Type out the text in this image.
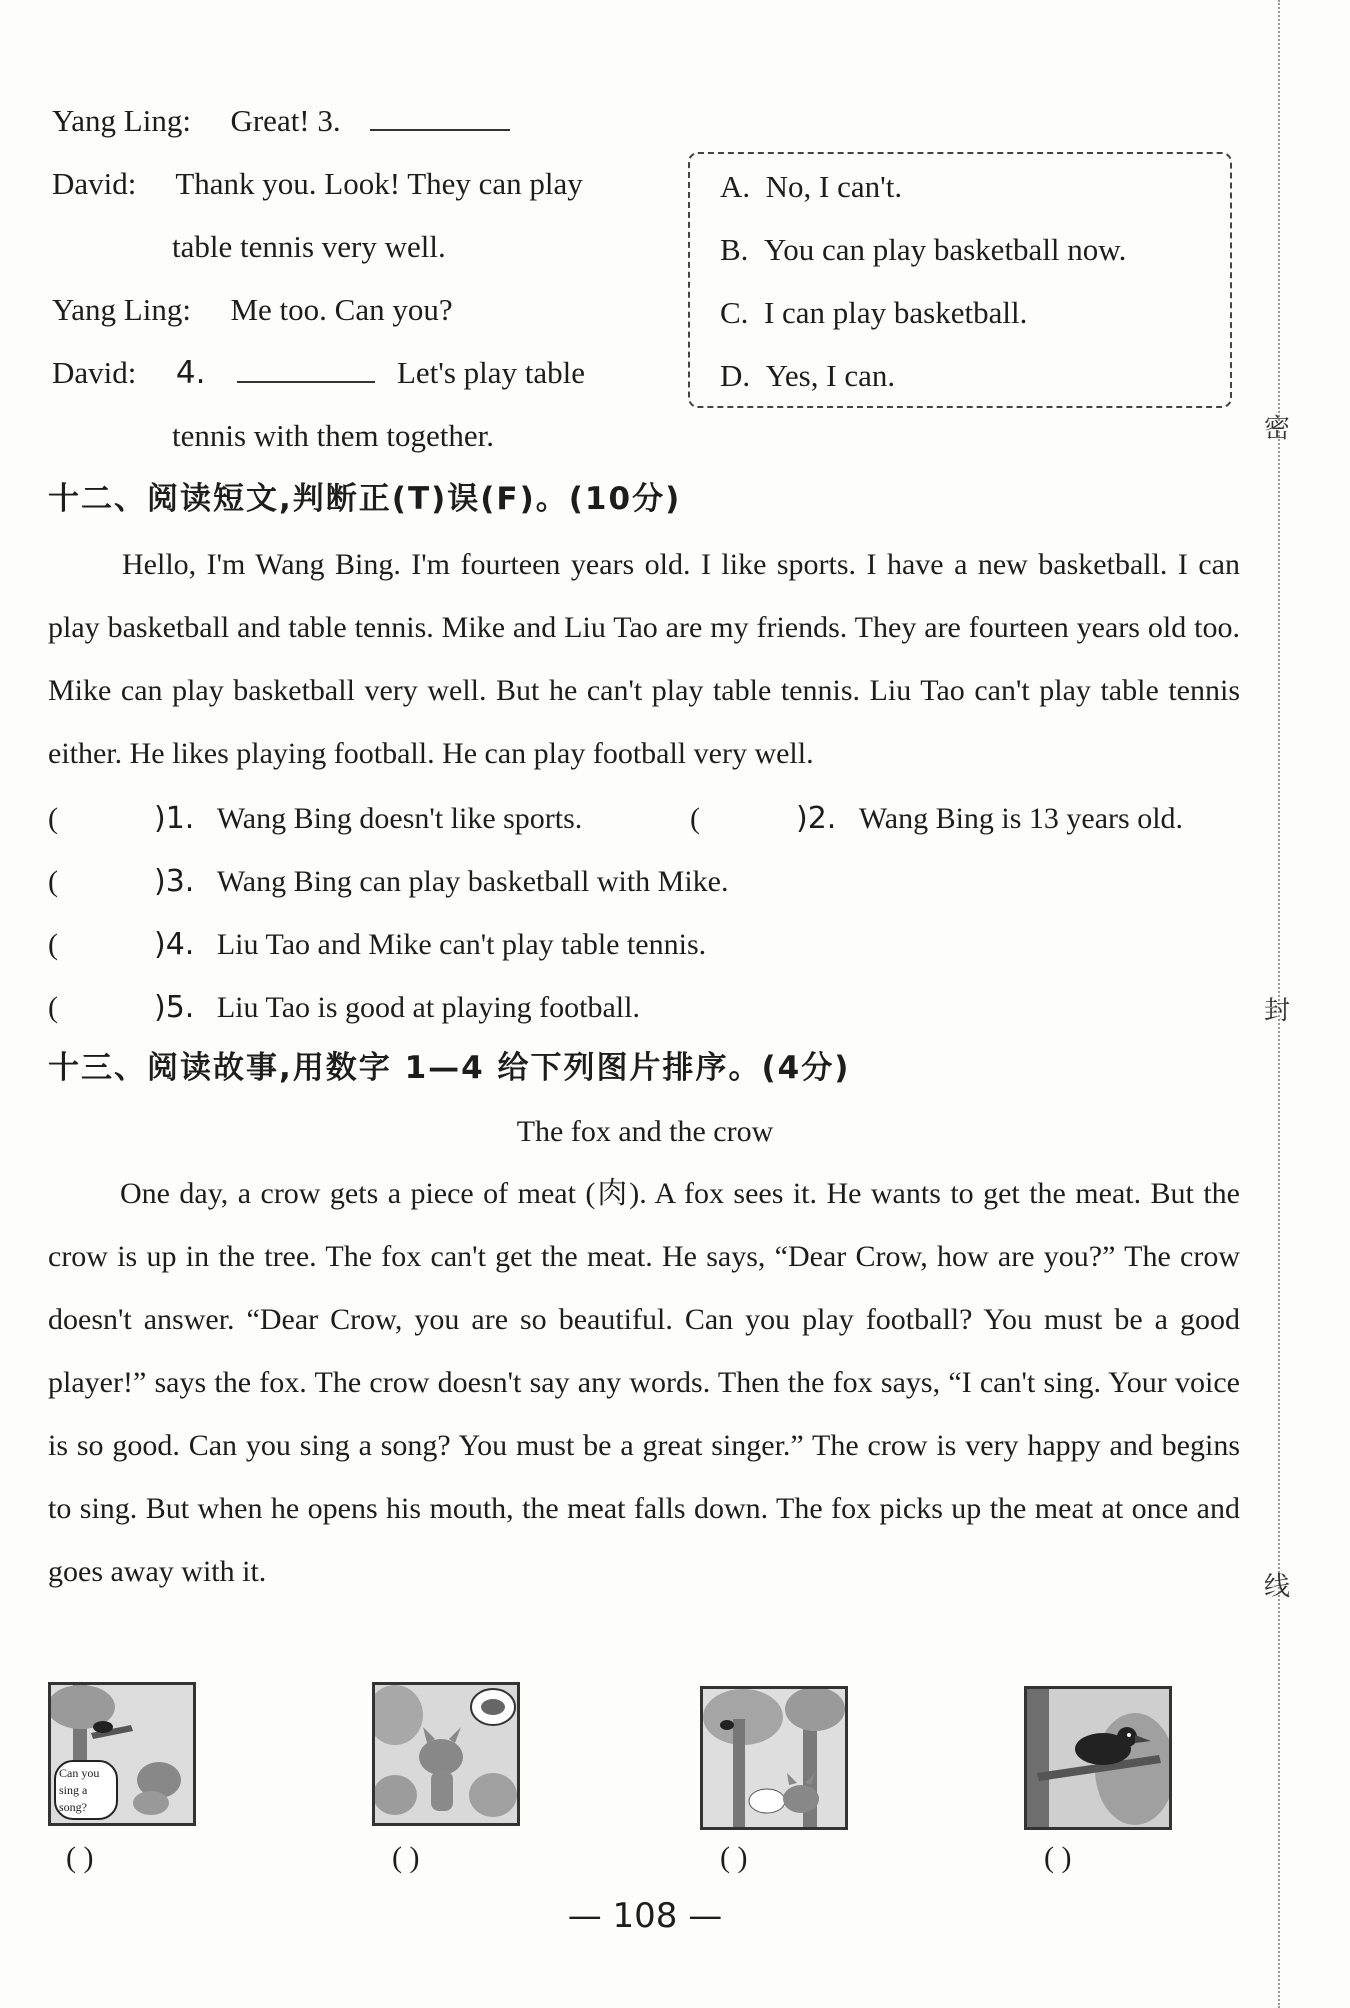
密
封
线
Yang Ling: Great! 3.
David: Thank you. Look! They can play
table tennis very well.
Yang Ling: Me too. Can you?
David: 4.	Let's play table
tennis with them together.
A. No, I can't.
B. You can play basketball now.
C. I can play basketball.
D. Yes, I can.
十二、阅读短文,判断正(T)误(F)。(10分)

Hello, I'm Wang Bing. I'm fourteen years old. I like sports. I have a new basketball. I can play basketball and table tennis. Mike and Liu Tao are my friends. They are fourteen years old too. Mike can play basketball very well. But he can't play table tennis. Liu Tao can't play table tennis either. He likes playing football. He can play football very well.

(	)1. Wang Bing doesn't like sports.	(	)2. Wang Bing is 13 years old.
(	)3. Wang Bing can play basketball with Mike.
(	)4. Liu Tao and Mike can't play table tennis.
(	)5. Liu Tao is good at playing football.
十三、阅读故事,用数字 1—4 给下列图片排序。(4分)
The fox and the crow

One day, a crow gets a piece of meat (肉). A fox sees it. He wants to get the meat. But the crow is up in the tree. The fox can't get the meat. He says, “Dear Crow, how are you?” The crow doesn't answer. “Dear Crow, you are so beautiful. Can you play football? You must be a good player!” says the fox. The crow doesn't say any words. Then the fox says, “I can't sing. Your voice is so good. Can you sing a song? You must be a great singer.” The crow is very happy and begins to sing. But when he opens his mouth, the meat falls down. The fox picks up the meat at once and goes away with it.

Can you
sing a
song?
( )	( )	( )	( )
— 108 —
